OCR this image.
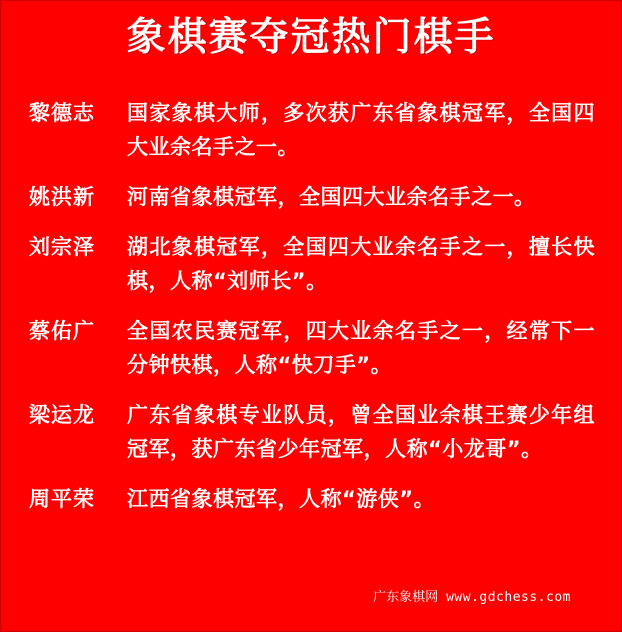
象棋赛夺冠热门棋手
黎德志	国家象棋大师，多次获广东省象棋冠军，全国四大业余名手之一。
姚洪新	河南省象棋冠军，全国四大业余名手之一。
刘宗泽	湖北象棋冠军，全国四大业余名手之一，擅长快棋，人称“刘师长”。
蔡佑广	全国农民赛冠军，四大业余名手之一，经常下一分钟快棋，人称“快刀手”。
梁运龙	广东省象棋专业队员，曾全国业余棋王赛少年组冠军，获广东省少年冠军，人称“小龙哥”。
周平荣	江西省象棋冠军，人称“游侠”。
广东象棋网 www.gdchess.com
